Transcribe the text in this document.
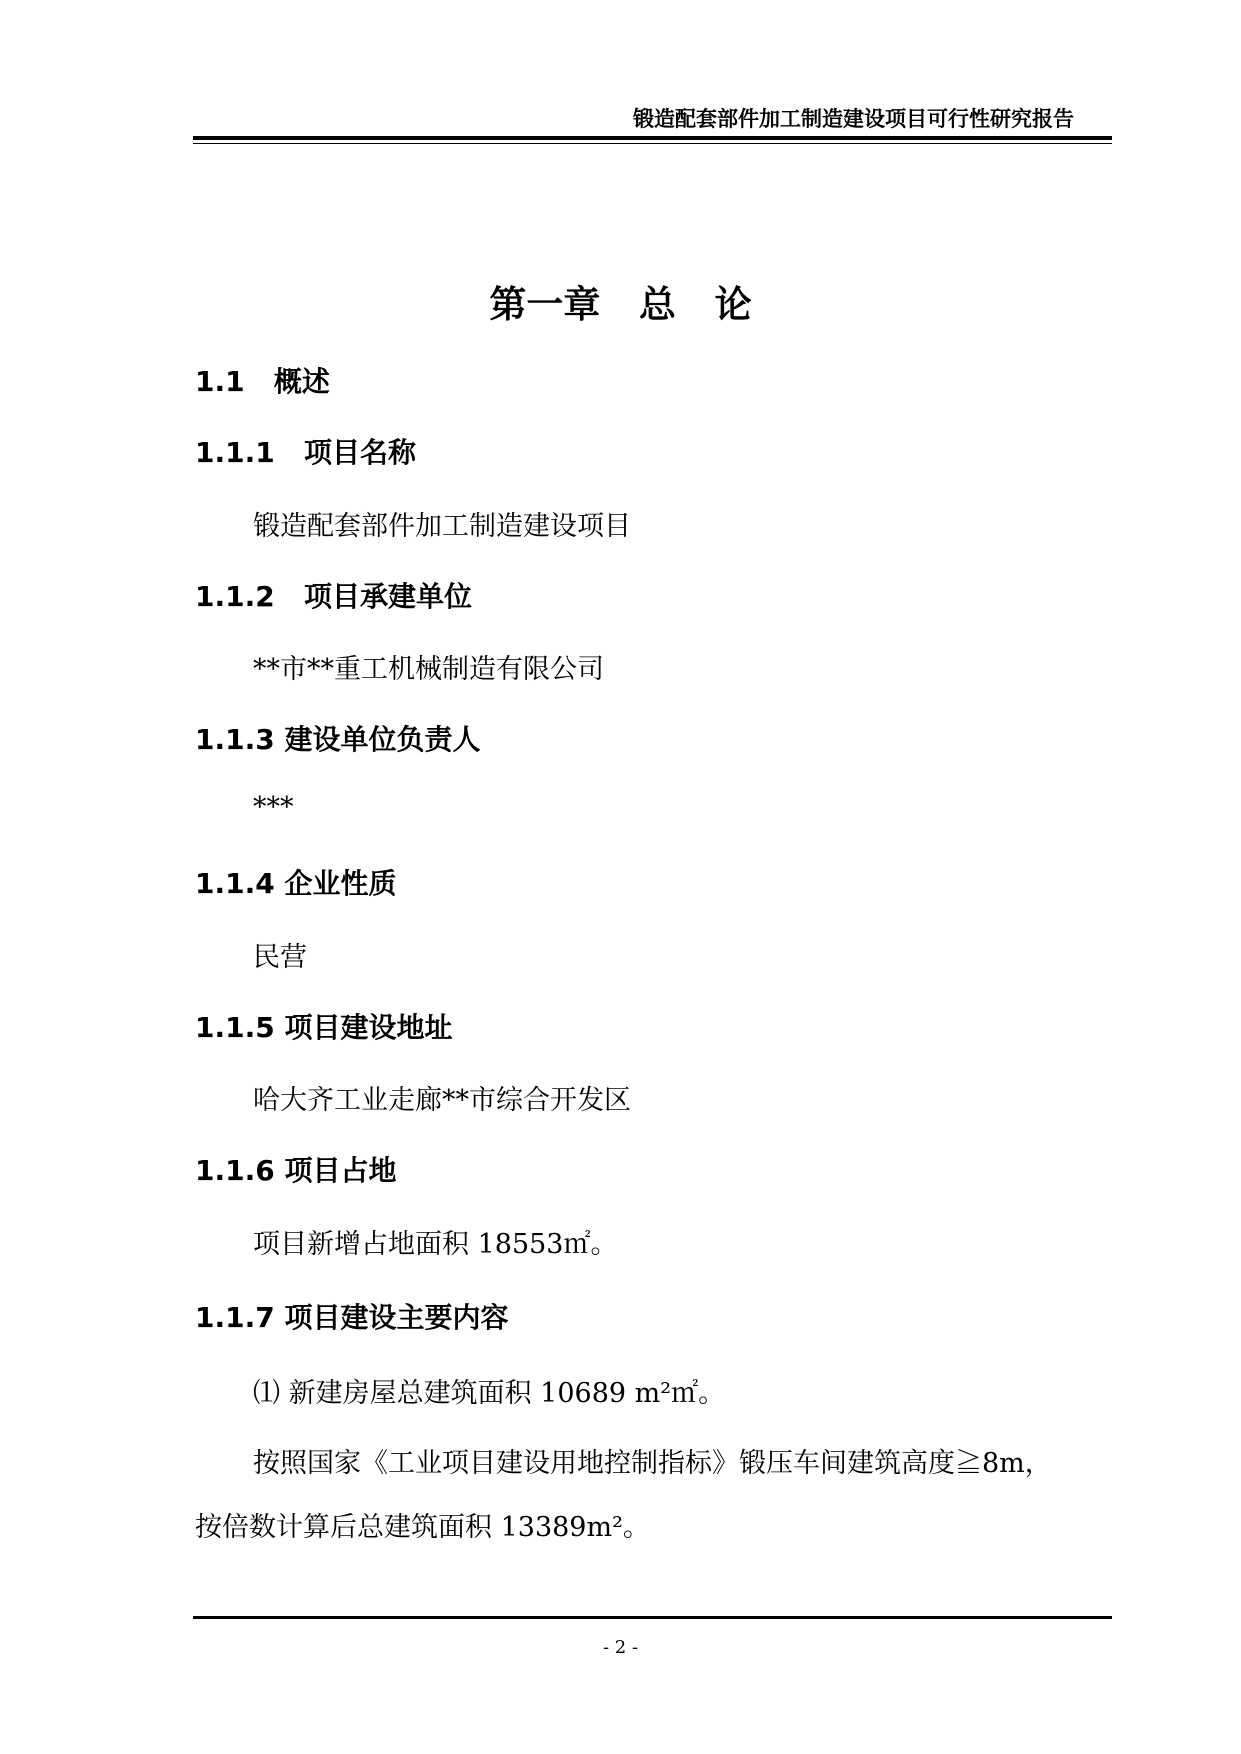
锻造配套部件加工制造建设项目可行性研究报告
第一章   总   论
1.1   概述
1.1.1   项目名称
锻造配套部件加工制造建设项目
1.1.2   项目承建单位
**市**重工机械制造有限公司
1.1.3 建设单位负责人
***
1.1.4 企业性质
民营
1.1.5 项目建设地址
哈大齐工业走廊**市综合开发区
1.1.6 项目占地
项目新增占地面积 18553㎡。
1.1.7 项目建设主要内容
⑴ 新建房屋总建筑面积 10689 m²㎡。
按照国家《工业项目建设用地控制指标》锻压车间建筑高度≧8m，
按倍数计算后总建筑面积 13389m²。
- 2 -
